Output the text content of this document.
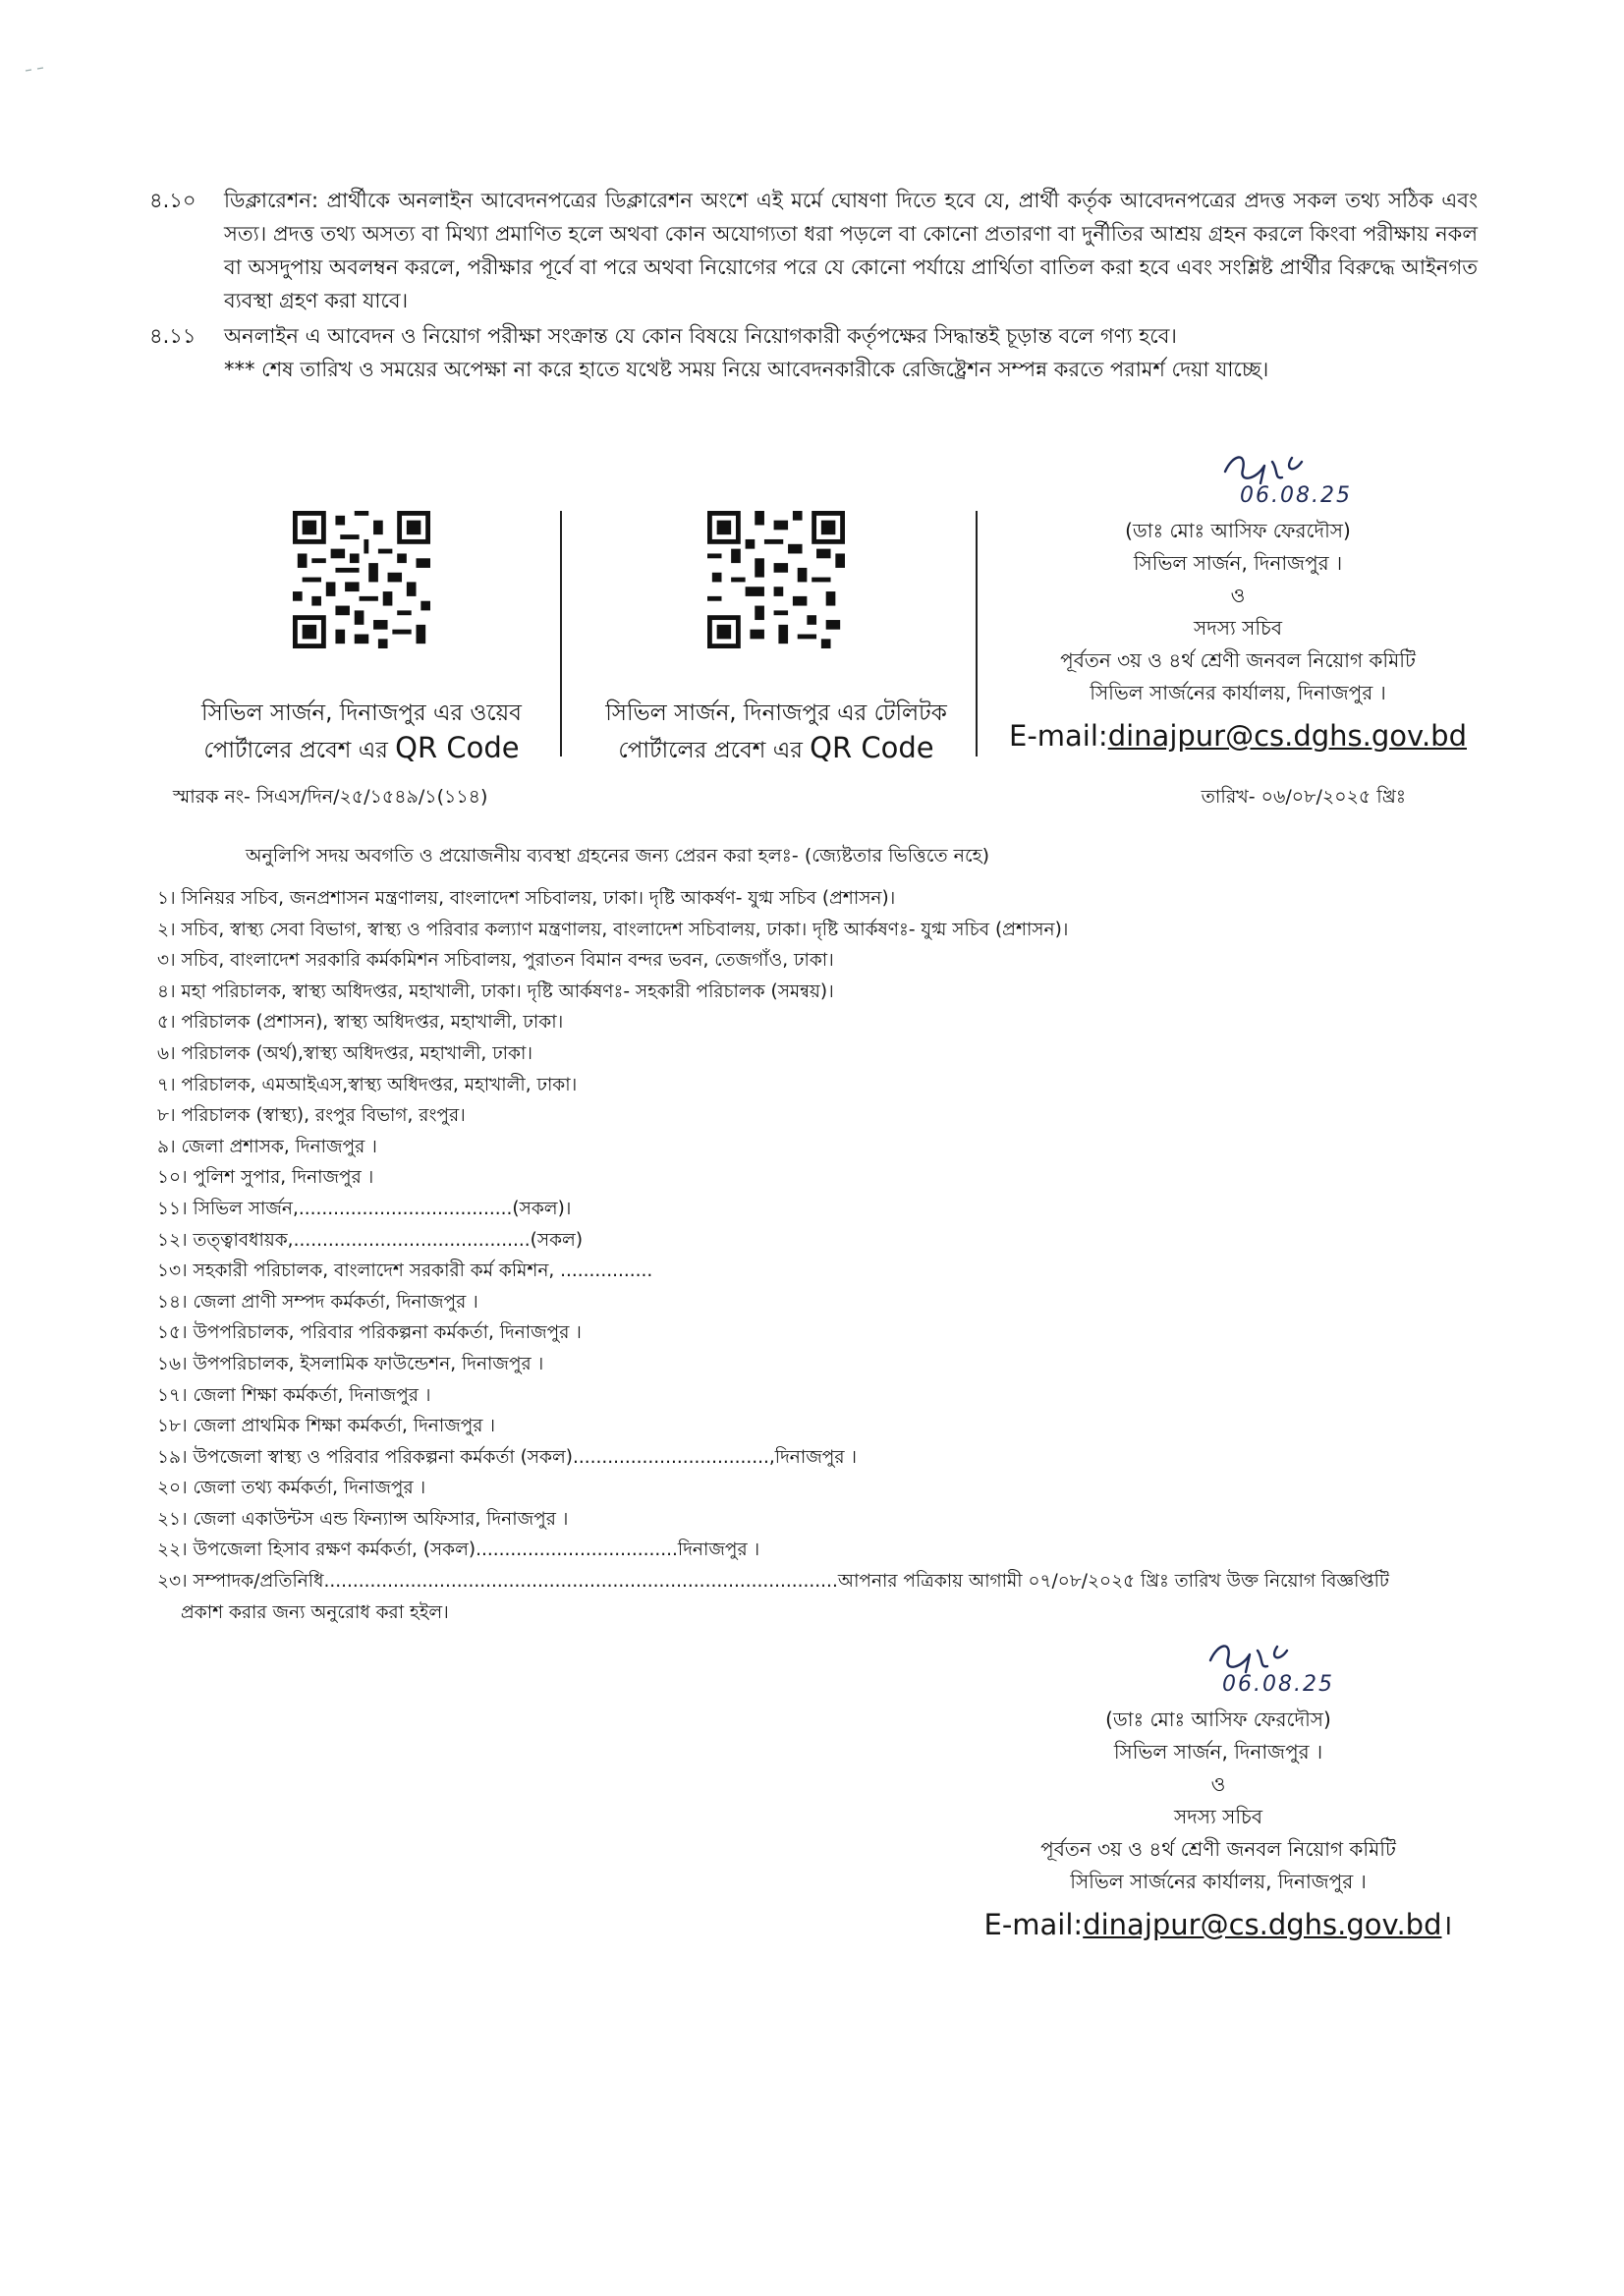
৪.১০ ডিক্লারেশন: প্রার্থীকে অনলাইন আবেদনপত্রের ডিক্লারেশন অংশে এই মর্মে ঘোষণা দিতে হবে যে, প্রার্থী কর্তৃক আবেদনপত্রের প্রদত্ত সকল তথ্য সঠিক এবং সত্য। প্রদত্ত তথ্য অসত্য বা মিথ্যা প্রমাণিত হলে অথবা কোন অযোগ্যতা ধরা পড়লে বা কোনো প্রতারণা বা দুর্নীতির আশ্রয় গ্রহন করলে কিংবা পরীক্ষায় নকল বা অসদুপায় অবলম্বন করলে, পরীক্ষার পূর্বে বা পরে অথবা নিয়োগের পরে যে কোনো পর্যায়ে প্রার্থিতা বাতিল করা হবে এবং সংশ্লিষ্ট প্রার্থীর বিরুদ্ধে আইনগত ব্যবস্থা গ্রহণ করা যাবে।
৪.১১ অনলাইন এ আবেদন ও নিয়োগ পরীক্ষা সংক্রান্ত যে কোন বিষয়ে নিয়োগকারী কর্তৃপক্ষের সিদ্ধান্তই চূড়ান্ত বলে গণ্য হবে।
*** শেষ তারিখ ও সময়ের অপেক্ষা না করে হাতে যথেষ্ট সময় নিয়ে আবেদনকারীকে রেজিষ্ট্রেশন সম্পন্ন করতে পরামর্শ দেয়া যাচ্ছে।
সিভিল সার্জন, দিনাজপুর এর ওয়েব
পোর্টালের প্রবেশ এর QR Code
সিভিল সার্জন, দিনাজপুর এর টেলিটক
পোর্টালের প্রবেশ এর QR Code
06.08.25
(ডাঃ মোঃ আসিফ ফেরদৌস)
সিভিল সার্জন, দিনাজপুর ।
ও
সদস্য সচিব
পূর্বতন ৩য় ও ৪র্থ শ্রেণী জনবল নিয়োগ কমিটি
সিভিল সার্জনের কার্যালয়, দিনাজপুর ।
E-mail:dinajpur@cs.dghs.gov.bd
স্মারক নং- সিএস/দিন/২৫/১৫৪৯/১(১১৪)	তারিখ- ০৬/০৮/২০২৫ খ্রিঃ
অনুলিপি সদয় অবগতি ও প্রয়োজনীয় ব্যবস্থা গ্রহনের জন্য প্রেরন করা হলঃ- (জ্যেষ্টতার ভিত্তিতে নহে)
১। সিনিয়র সচিব, জনপ্রশাসন মন্ত্রণালয়, বাংলাদেশ সচিবালয়, ঢাকা। দৃষ্টি আকর্ষণ- যুগ্ম সচিব (প্রশাসন)।
২। সচিব, স্বাস্থ্য সেবা বিভাগ, স্বাস্থ্য ও পরিবার কল্যাণ মন্ত্রণালয়, বাংলাদেশ সচিবালয়, ঢাকা। দৃষ্টি আর্কষণঃ- যুগ্ম সচিব (প্রশাসন)।
৩। সচিব, বাংলাদেশ সরকারি কর্মকমিশন সচিবালয়, পুরাতন বিমান বন্দর ভবন, তেজগাঁও, ঢাকা।
৪। মহা পরিচালক, স্বাস্থ্য অধিদপ্তর, মহাখালী, ঢাকা। দৃষ্টি আর্কষণঃ- সহকারী পরিচালক (সমন্বয়)।
৫। পরিচালক (প্রশাসন), স্বাস্থ্য অধিদপ্তর, মহাখালী, ঢাকা।
৬। পরিচালক (অর্থ),স্বাস্থ্য অধিদপ্তর, মহাখালী, ঢাকা।
৭। পরিচালক, এমআইএস,স্বাস্থ্য অধিদপ্তর, মহাখালী, ঢাকা।
৮। পরিচালক (স্বাস্থ্য), রংপুর বিভাগ, রংপুর।
৯। জেলা প্রশাসক, দিনাজপুর ।
১০। পুলিশ সুপার, দিনাজপুর ।
১১। সিভিল সার্জন,.....................................(সকল)।
১২। তত্ত্বাবধায়ক,.........................................(সকল)
১৩। সহকারী পরিচালক, বাংলাদেশ সরকারী কর্ম কমিশন, ................
১৪। জেলা প্রাণী সম্পদ কর্মকর্তা, দিনাজপুর ।
১৫। উপপরিচালক, পরিবার পরিকল্পনা কর্মকর্তা, দিনাজপুর ।
১৬। উপপরিচালক, ইসলামিক ফাউন্ডেশন, দিনাজপুর ।
১৭। জেলা শিক্ষা কর্মকর্তা, দিনাজপুর ।
১৮। জেলা প্রাথমিক শিক্ষা কর্মকর্তা, দিনাজপুর ।
১৯। উপজেলা স্বাস্থ্য ও পরিবার পরিকল্পনা কর্মকর্তা (সকল)..................................,দিনাজপুর ।
২০। জেলা তথ্য কর্মকর্তা, দিনাজপুর ।
২১। জেলা একাউন্টস এন্ড ফিন্যান্স অফিসার, দিনাজপুর ।
২২। উপজেলা হিসাব রক্ষণ কর্মকর্তা, (সকল)...................................দিনাজপুর ।
২৩। সম্পাদক/প্রতিনিধি.........................................................................................আপনার পত্রিকায় আগামী ০৭/০৮/২০২৫ খ্রিঃ তারিখ উক্ত নিয়োগ বিজ্ঞপ্তিটি
প্রকাশ করার জন্য অনুরোধ করা হইল।
06.08.25
(ডাঃ মোঃ আসিফ ফেরদৌস)
সিভিল সার্জন, দিনাজপুর ।
ও
সদস্য সচিব
পূর্বতন ৩য় ও ৪র্থ শ্রেণী জনবল নিয়োগ কমিটি
সিভিল সার্জনের কার্যালয়, দিনাজপুর ।
E-mail:dinajpur@cs.dghs.gov.bd।
